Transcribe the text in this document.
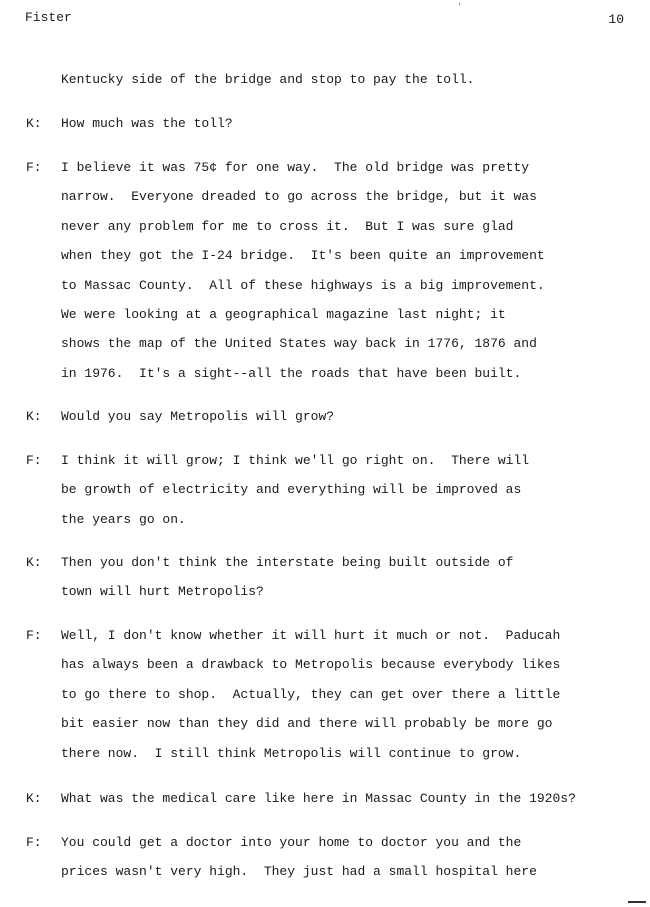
Fister	10
'
Kentucky side of the bridge and stop to pay the toll.
K: How much was the toll?
F: I believe it was 75¢ for one way.  The old bridge was pretty
narrow.  Everyone dreaded to go across the bridge, but it was
never any problem for me to cross it.  But I was sure glad
when they got the I-24 bridge.  It's been quite an improvement
to Massac County.  All of these highways is a big improvement.
We were looking at a geographical magazine last night; it
shows the map of the United States way back in 1776, 1876 and
in 1976.  It's a sight--all the roads that have been built.
K: Would you say Metropolis will grow?
F: I think it will grow; I think we'll go right on.  There will
be growth of electricity and everything will be improved as
the years go on.
K: Then you don't think the interstate being built outside of
town will hurt Metropolis?
F: Well, I don't know whether it will hurt it much or not.  Paducah
has always been a drawback to Metropolis because everybody likes
to go there to shop.  Actually, they can get over there a little
bit easier now than they did and there will probably be more go
there now.  I still think Metropolis will continue to grow.
K: What was the medical care like here in Massac County in the 1920s?
F: You could get a doctor into your home to doctor you and the
prices wasn't very high.  They just had a small hospital here
